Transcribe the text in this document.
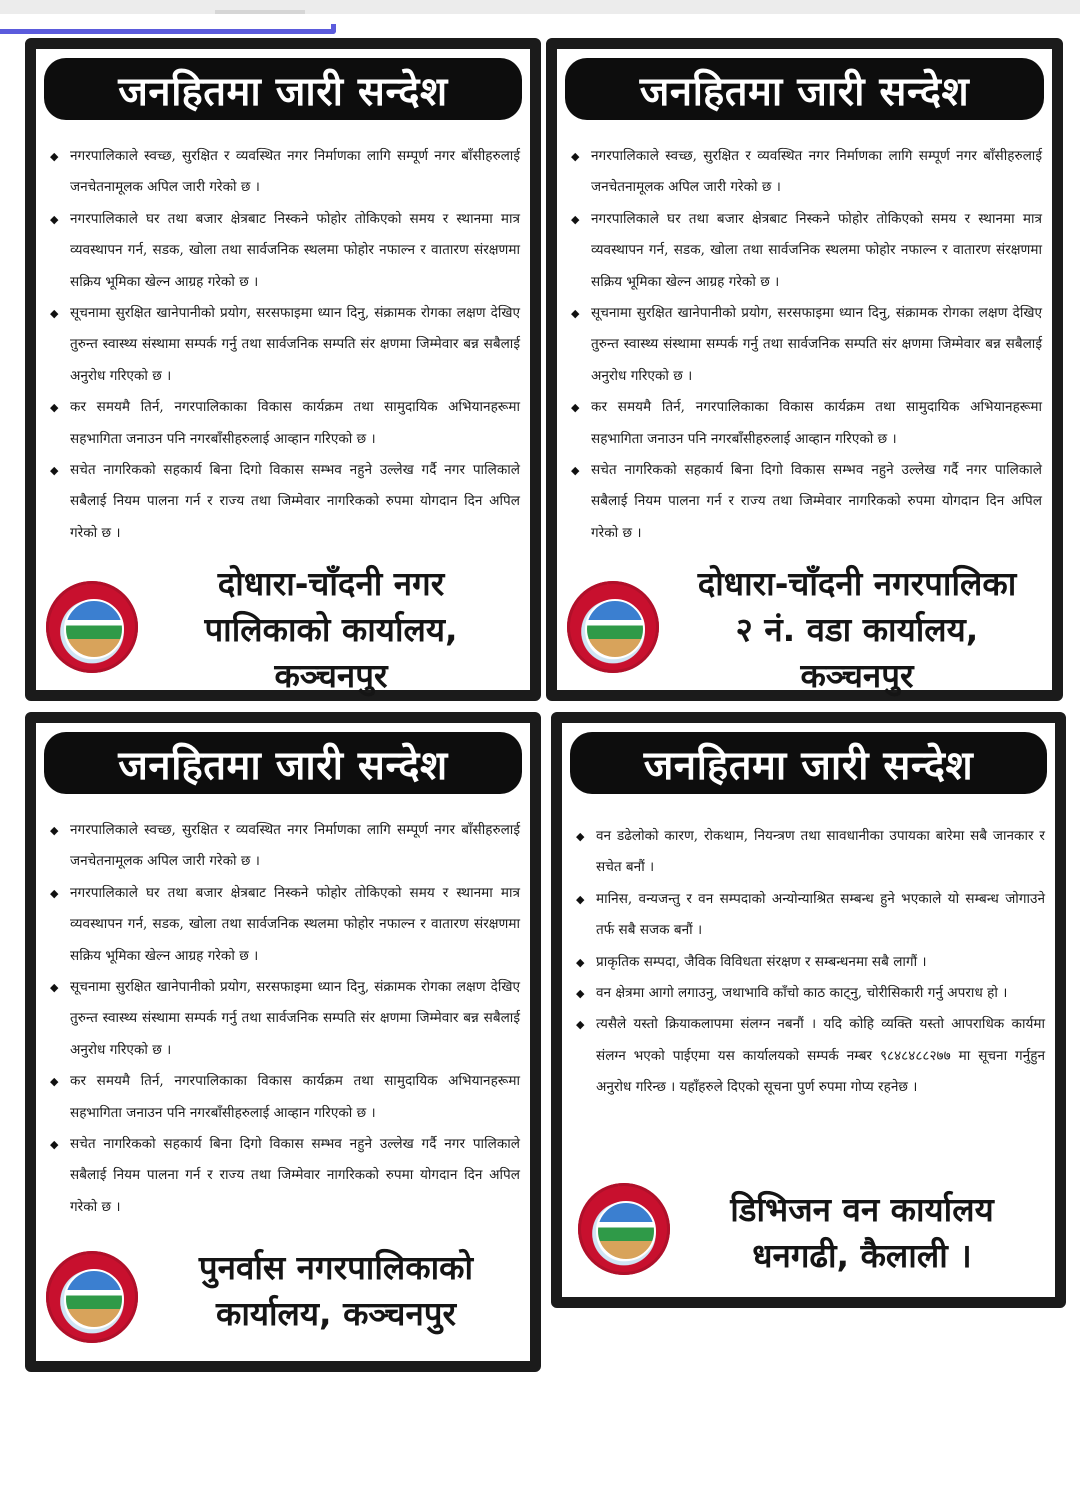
जनहितमा जारी सन्देश
◆ नगरपालिकाले स्वच्छ, सुरक्षित र व्यवस्थित नगर निर्माणका लागि सम्पूर्ण नगर बाँसीहरुलाई जनचेतनामूलक अपिल जारी गरेको छ ।
◆ नगरपालिकाले घर तथा बजार क्षेत्रबाट निस्कने फोहोर तोकिएको समय र स्थानमा मात्र व्यवस्थापन गर्न, सडक, खोला तथा सार्वजनिक स्थलमा फोहोर नफाल्न र वातारण संरक्षणमा सक्रिय भूमिका खेल्न आग्रह गरेको छ ।
◆ सूचनामा सुरक्षित खानेपानीको प्रयोग, सरसफाइमा ध्यान दिनु, संक्रामक रोगका लक्षण देखिए तुरुन्त स्वास्थ्य संस्थामा सम्पर्क गर्नु तथा सार्वजनिक सम्पति संर क्षणमा जिम्मेवार बन्न सबैलाई अनुरोध गरिएको छ ।
◆ कर समयमै तिर्न, नगरपालिकाका विकास कार्यक्रम तथा सामुदायिक अभियानहरूमा सहभागिता जनाउन पनि नगरबाँसीहरुलाई आव्हान गरिएको छ ।
◆ सचेत नागरिकको सहकार्य बिना दिगो विकास सम्भव नहुने उल्लेख गर्दै नगर पालिकाले सबैलाई नियम पालना गर्न र राज्य तथा जिम्मेवार नागरिकको रुपमा योगदान दिन अपिल गरेको छ ।
दोधारा-चाँदनी नगर
पालिकाको कार्यालय,
कञ्चनपुर
जनहितमा जारी सन्देश
◆ नगरपालिकाले स्वच्छ, सुरक्षित र व्यवस्थित नगर निर्माणका लागि सम्पूर्ण नगर बाँसीहरुलाई जनचेतनामूलक अपिल जारी गरेको छ ।
◆ नगरपालिकाले घर तथा बजार क्षेत्रबाट निस्कने फोहोर तोकिएको समय र स्थानमा मात्र व्यवस्थापन गर्न, सडक, खोला तथा सार्वजनिक स्थलमा फोहोर नफाल्न र वातारण संरक्षणमा सक्रिय भूमिका खेल्न आग्रह गरेको छ ।
◆ सूचनामा सुरक्षित खानेपानीको प्रयोग, सरसफाइमा ध्यान दिनु, संक्रामक रोगका लक्षण देखिए तुरुन्त स्वास्थ्य संस्थामा सम्पर्क गर्नु तथा सार्वजनिक सम्पति संर क्षणमा जिम्मेवार बन्न सबैलाई अनुरोध गरिएको छ ।
◆ कर समयमै तिर्न, नगरपालिकाका विकास कार्यक्रम तथा सामुदायिक अभियानहरूमा सहभागिता जनाउन पनि नगरबाँसीहरुलाई आव्हान गरिएको छ ।
◆ सचेत नागरिकको सहकार्य बिना दिगो विकास सम्भव नहुने उल्लेख गर्दै नगर पालिकाले सबैलाई नियम पालना गर्न र राज्य तथा जिम्मेवार नागरिकको रुपमा योगदान दिन अपिल गरेको छ ।
दोधारा-चाँदनी नगरपालिका
२ नं. वडा कार्यालय,
कञ्चनपुर
जनहितमा जारी सन्देश
◆ नगरपालिकाले स्वच्छ, सुरक्षित र व्यवस्थित नगर निर्माणका लागि सम्पूर्ण नगर बाँसीहरुलाई जनचेतनामूलक अपिल जारी गरेको छ ।
◆ नगरपालिकाले घर तथा बजार क्षेत्रबाट निस्कने फोहोर तोकिएको समय र स्थानमा मात्र व्यवस्थापन गर्न, सडक, खोला तथा सार्वजनिक स्थलमा फोहोर नफाल्न र वातारण संरक्षणमा सक्रिय भूमिका खेल्न आग्रह गरेको छ ।
◆ सूचनामा सुरक्षित खानेपानीको प्रयोग, सरसफाइमा ध्यान दिनु, संक्रामक रोगका लक्षण देखिए तुरुन्त स्वास्थ्य संस्थामा सम्पर्क गर्नु तथा सार्वजनिक सम्पति संर क्षणमा जिम्मेवार बन्न सबैलाई अनुरोध गरिएको छ ।
◆ कर समयमै तिर्न, नगरपालिकाका विकास कार्यक्रम तथा सामुदायिक अभियानहरूमा सहभागिता जनाउन पनि नगरबाँसीहरुलाई आव्हान गरिएको छ ।
◆ सचेत नागरिकको सहकार्य बिना दिगो विकास सम्भव नहुने उल्लेख गर्दै नगर पालिकाले सबैलाई नियम पालना गर्न र राज्य तथा जिम्मेवार नागरिकको रुपमा योगदान दिन अपिल गरेको छ ।
पुनर्वास नगरपालिकाको
कार्यालय, कञ्चनपुर
जनहितमा जारी सन्देश
◆ वन डढेलोको कारण, रोकथाम, नियन्त्रण तथा सावधानीका उपायका बारेमा सबै जानकार र सचेत बनौं ।
◆ मानिस, वन्यजन्तु र वन सम्पदाको अन्योन्याश्रित सम्बन्ध हुने भएकाले यो सम्बन्ध जोगाउने तर्फ सबै सजक बनौं ।
◆ प्राकृतिक सम्पदा, जैविक विविधता संरक्षण र सम्बन्धनमा सबै लागौं ।
◆ वन क्षेत्रमा आगो लगाउनु, जथाभावि काँचो काठ काट्नु, चोरीसिकारी गर्नु अपराध हो ।
◆ त्यसैले यस्तो क्रियाकलापमा संलग्न नबनौं । यदि कोहि व्यक्ति यस्तो आपराधिक कार्यमा संलग्न भएको पाईएमा यस कार्यालयको सम्पर्क नम्बर ९८४८४८८२७७ मा सूचना गर्नुहुन अनुरोध गरिन्छ । यहाँहरुले दिएको सूचना पुर्ण रुपमा गोप्य रहनेछ ।
डिभिजन वन कार्यालय
धनगढी, कैलाली ।
